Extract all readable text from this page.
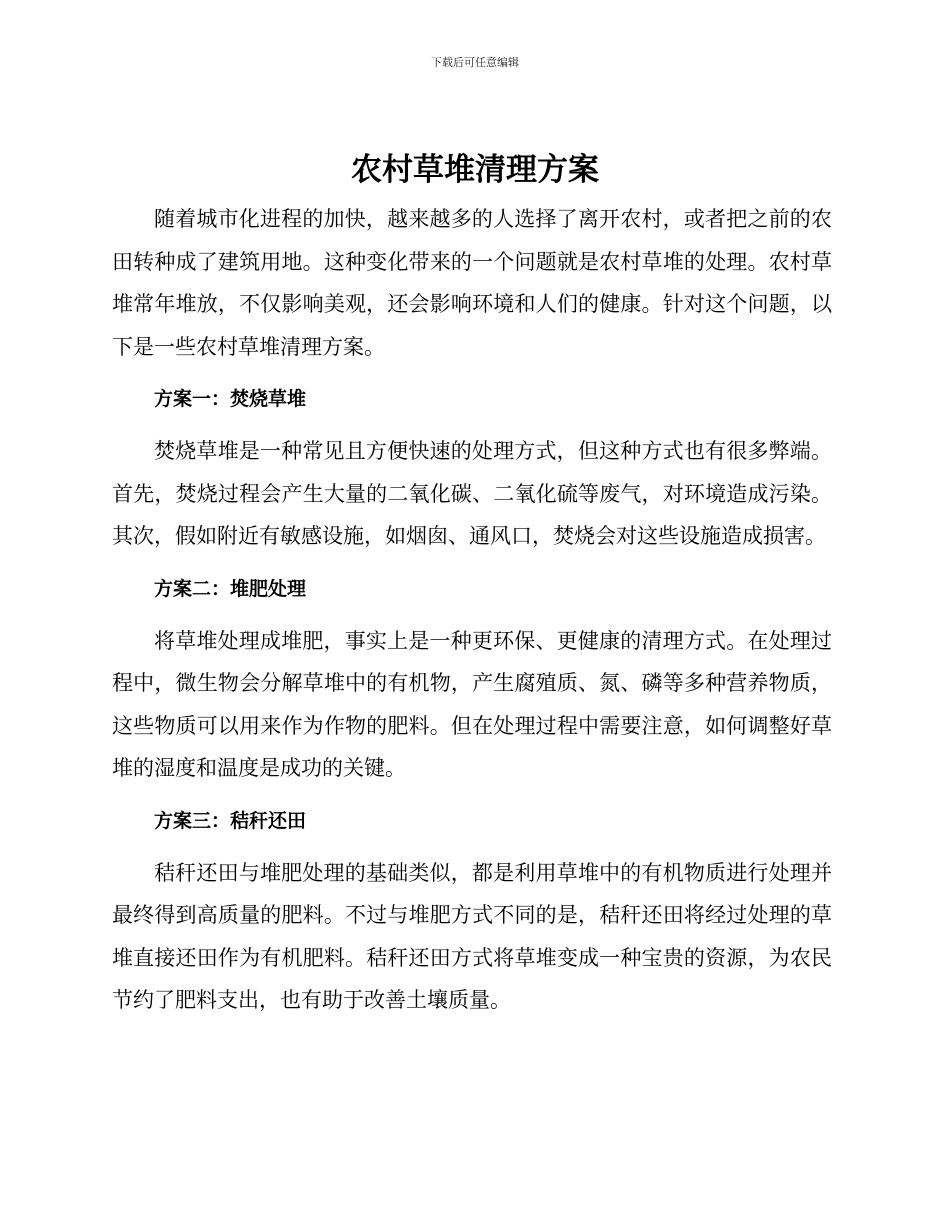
下载后可任意编辑
农村草堆清理方案

随着城市化进程的加快，越来越多的人选择了离开农村，或者把之前的农田转种成了建筑用地。这种变化带来的一个问题就是农村草堆的处理。农村草堆常年堆放，不仅影响美观，还会影响环境和人们的健康。针对这个问题，以下是一些农村草堆清理方案。

方案一：焚烧草堆

焚烧草堆是一种常见且方便快速的处理方式，但这种方式也有很多弊端。首先，焚烧过程会产生大量的二氧化碳、二氧化硫等废气，对环境造成污染。其次，假如附近有敏感设施，如烟囱、通风口，焚烧会对这些设施造成损害。

方案二：堆肥处理

将草堆处理成堆肥，事实上是一种更环保、更健康的清理方式。在处理过程中，微生物会分解草堆中的有机物，产生腐殖质、氮、磷等多种营养物质，这些物质可以用来作为作物的肥料。但在处理过程中需要注意，如何调整好草堆的湿度和温度是成功的关键。

方案三：秸秆还田

秸秆还田与堆肥处理的基础类似，都是利用草堆中的有机物质进行处理并最终得到高质量的肥料。不过与堆肥方式不同的是，秸秆还田将经过处理的草堆直接还田作为有机肥料。秸秆还田方式将草堆变成一种宝贵的资源，为农民节约了肥料支出，也有助于改善土壤质量。
